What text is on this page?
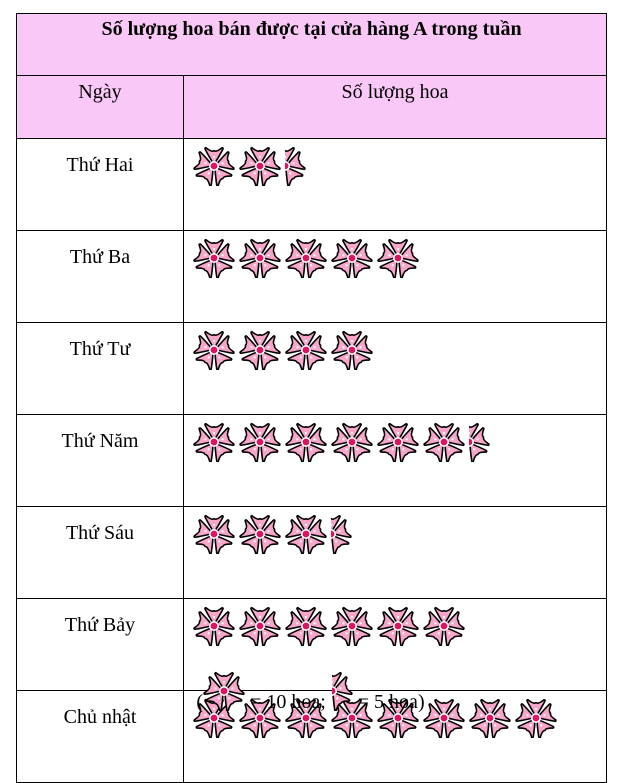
Số lượng hoa bán được tại cửa hàng A trong tuần	
Ngày	Số lượng hoa
Thứ Hai	

Thứ Ba	

Thứ Tư	

Thứ Năm	

Thứ Sáu	

Thứ Bảy	

Chủ nhật	
( = 10 hoa; = 5 hoa)
